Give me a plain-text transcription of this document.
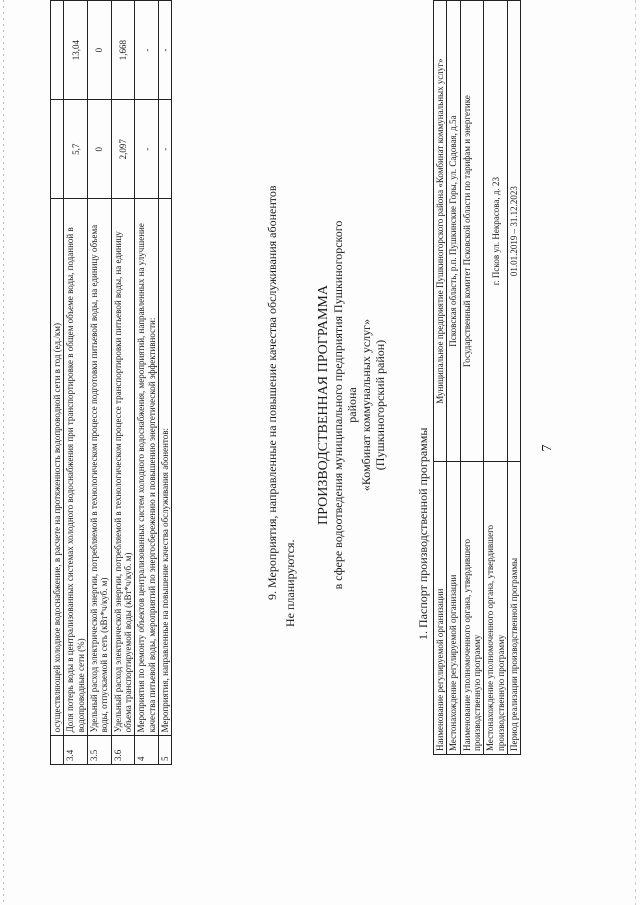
7
	осуществляющей холодное водоснабжение, в расчете на протяженность водопроводной сети в год (ед./км)		
3.4	Доля потерь воды в централизованных системах холодного водоснабжения при транспортировке в общем объеме воды, поданной в водопроводные сети (%)	5,7	13,04
3.5	Удельный расход электрической энергии, потребляемой в технологическом процессе подготовки питьевой воды, на единицу объема воды, отпускаемой в сеть (кВт*ч/куб. м)	0	0
3.6	Удельный расход электрической энергии, потребляемой в технологическом процессе транспортировки питьевой воды, на единицу объема транспортируемой воды (кВт*ч/куб. м)	2,097	1,668
4	Мероприятия по ремонту объектов централизованных систем холодного водоснабжения, мероприятий, направленных на улучшение качества питьевой воды, мероприятий по энергосбережению и повышению энергетической эффективности:	-	-
5	Мероприятия, направленные на повышение качества обслуживания абонентов:	-	-
9. Мероприятия, направленные на повышение качества обслуживания абонентов Не планируются.
ПРОИЗВОДСТВЕННАЯ ПРОГРАММА в сфере водоотведения муниципального предприятия Пушкиногорского района «Комбинат коммунальных услуг» (Пушкиногорский район)
1. Паспорт производственной программы
Наименование регулируемой организации	Муниципальное предприятие Пушкиногорского района «Комбинат коммунальных услуг»
Местонахождение регулируемой организации	Псковская область, р.п. Пушкинские Горы, ул. Садовая, д.5а
Наименование уполномоченного органа, утвердившего производственную программу	Государственный комитет Псковской области по тарифам и энергетике
Местонахождение уполномоченного органа, утвердившего производственную программу	г. Псков ул. Некрасова, д. 23
Период реализации производственной программы	01.01.2019 – 31.12.2023
